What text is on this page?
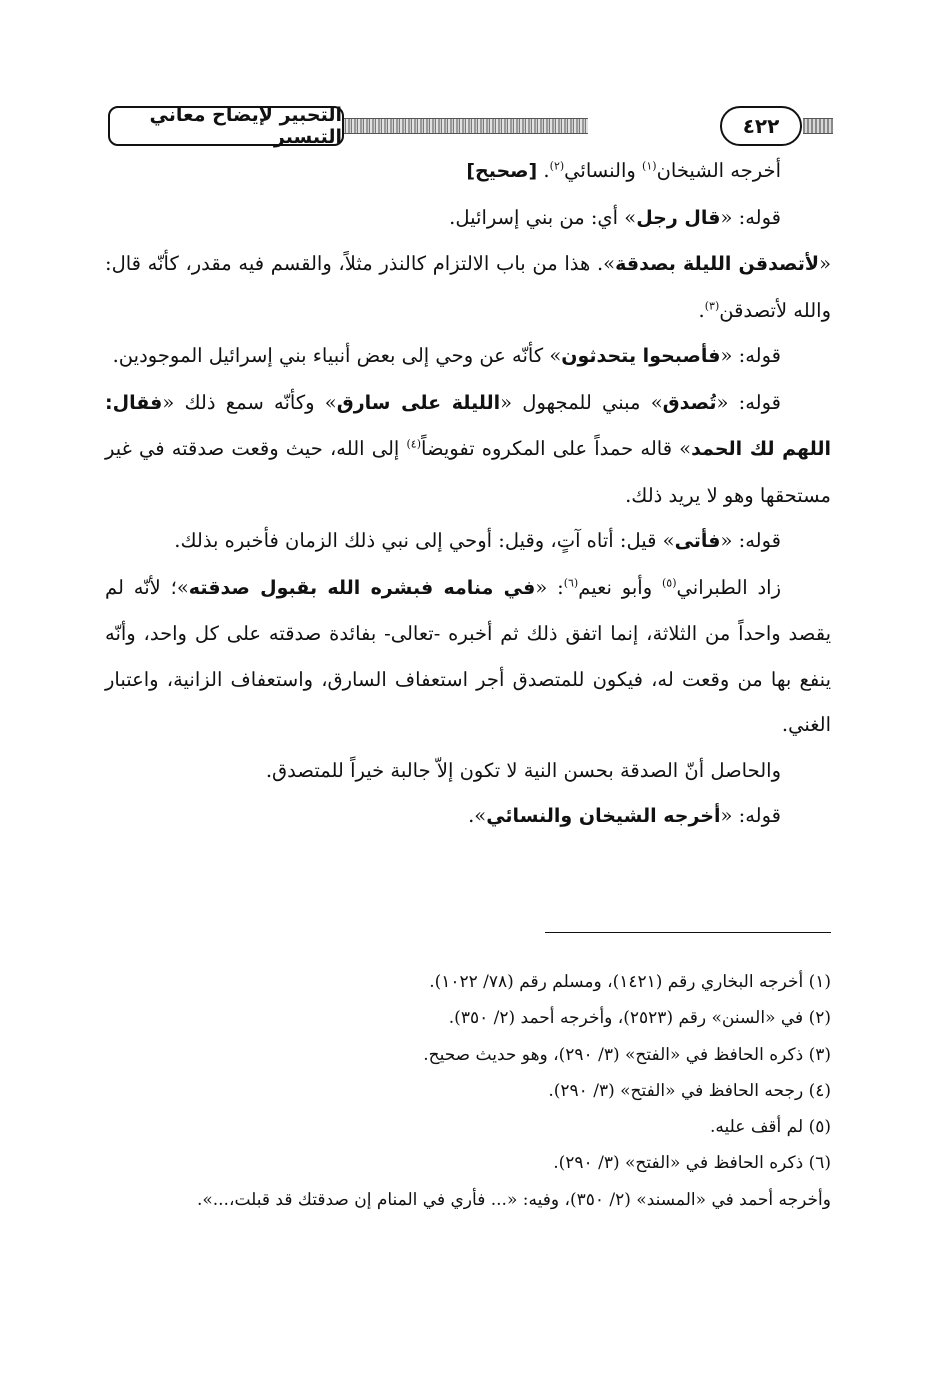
التحبير لإيضاح معاني التيسير	٤٢٢

أخرجه الشيخان$^{(١)}$ والنسائي$^{(٢)}$. [صحيح]

قوله: «قال رجل» أي: من بني إسرائيل.

«لأتصدقن الليلة بصدقة». هذا من باب الالتزام كالنذر مثلاً، والقسم فيه مقدر، كأنّه قال: والله لأتصدقن$^{(٣)}$.

قوله: «فأصبحوا يتحدثون» كأنّه عن وحي إلى بعض أنبياء بني إسرائيل الموجودين.

قوله: «تُصدق» مبني للمجهول «الليلة على سارق» وكأنّه سمع ذلك «فقال: اللهم لك الحمد» قاله حمداً على المكروه تفويضاً$^{(٤)}$ إلى الله، حيث وقعت صدقته في غير مستحقها وهو لا يريد ذلك.

قوله: «فأتى» قيل: أتاه آتٍ، وقيل: أوحي إلى نبي ذلك الزمان فأخبره بذلك.

زاد الطبراني$^{(٥)}$ وأبو نعيم$^{(٦)}$: «في منامه فبشره الله بقبول صدقته»؛ لأنّه لم يقصد واحداً من الثلاثة، إنما اتفق ذلك ثم أخبره -تعالى- بفائدة صدقته على كل واحد، وأنّه ينفع بها من وقعت له، فيكون للمتصدق أجر استعفاف السارق، واستعفاف الزانية، واعتبار الغني.

والحاصل أنّ الصدقة بحسن النية لا تكون إلاّ جالبة خيراً للمتصدق.

قوله: «أخرجه الشيخان والنسائي».

(١) أخرجه البخاري رقم (١٤٢١)، ومسلم رقم (٧٨/ ١٠٢٢).

(٢) في «السنن» رقم (٢٥٢٣)، وأخرجه أحمد (٢/ ٣٥٠).

(٣) ذكره الحافظ في «الفتح» (٣/ ٢٩٠)، وهو حديث صحيح.

(٤) رجحه الحافظ في «الفتح» (٣/ ٢٩٠).

(٥) لم أقف عليه.

(٦) ذكره الحافظ في «الفتح» (٣/ ٢٩٠).

وأخرجه أحمد في «المسند» (٢/ ٣٥٠)، وفيه: «... فأري في المنام إن صدقتك قد قبلت،...».
